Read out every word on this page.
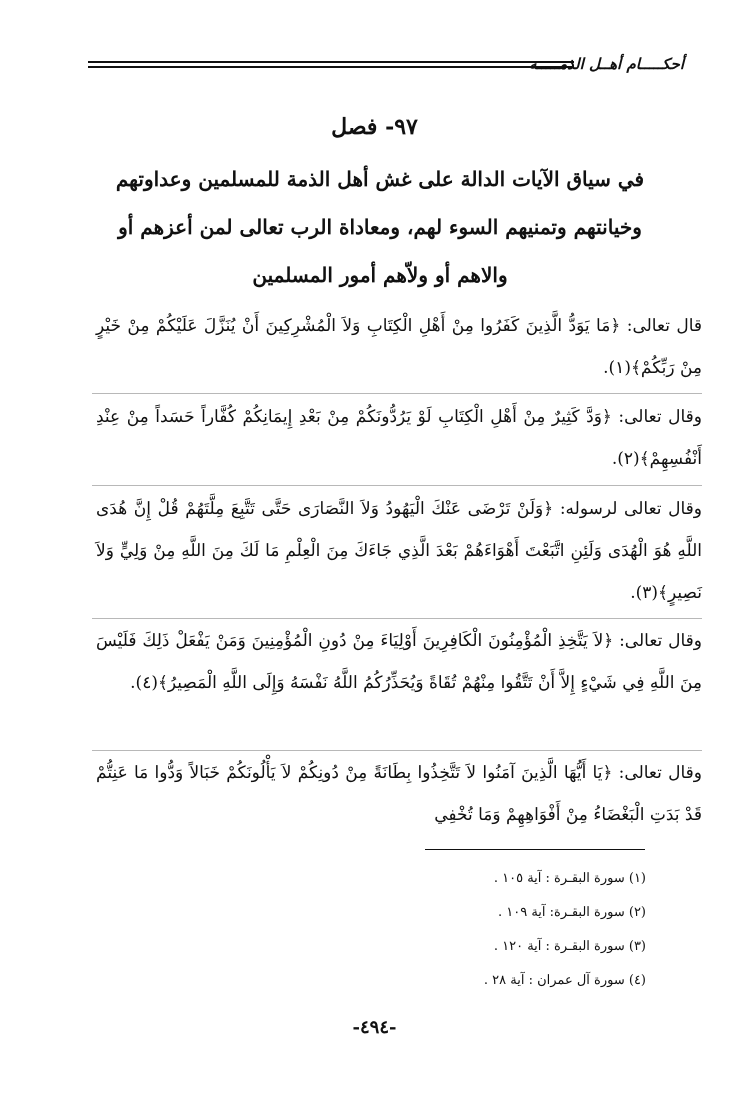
أحكـــــام أهــل الذمـــــة
٩٧- فصل
في سياق الآيات الدالة على غش أهل الذمة للمسلمين وعداوتهم وخيانتهم وتمنيهم السوء لهم، ومعاداة الرب تعالى لمن أعزهم أو والاهم أو ولاّهم أمور المسلمين
قال تعالى: ﴿مَا يَوَدُّ الَّذِينَ كَفَرُوا مِنْ أَهْلِ الْكِتَابِ وَلاَ الْمُشْرِكِينَ أَنْ يُنَزَّلَ عَلَيْكُمْ مِنْ خَيْرٍ مِنْ رَبِّكُمْ﴾(١).
وقال تعالى: ﴿وَدَّ كَثِيرٌ مِنْ أَهْلِ الْكِتَابِ لَوْ يَرُدُّونَكُمْ مِنْ بَعْدِ إِيمَانِكُمْ كُفَّاراً حَسَداً مِنْ عِنْدِ أَنْفُسِهِمْ﴾(٢).
وقال تعالى لرسوله: ﴿وَلَنْ تَرْضَى عَنْكَ الْيَهُودُ وَلاَ النَّصَارَى حَتَّى تَتَّبِعَ مِلَّتَهُمْ قُلْ إِنَّ هُدَى اللَّهِ هُوَ الْهُدَى وَلَئِنِ اتَّبَعْتَ أَهْوَاءَهُمْ بَعْدَ الَّذِي جَاءَكَ مِنَ الْعِلْمِ مَا لَكَ مِنَ اللَّهِ مِنْ وَلِيٍّ وَلاَ نَصِيرٍ﴾(٣).
وقال تعالى: ﴿لاَ يَتَّخِذِ الْمُؤْمِنُونَ الْكَافِرِينَ أَوْلِيَاءَ مِنْ دُونِ الْمُؤْمِنِينَ وَمَنْ يَفْعَلْ ذَلِكَ فَلَيْسَ مِنَ اللَّهِ فِي شَيْءٍ إِلاَّ أَنْ تَتَّقُوا مِنْهُمْ تُقَاةً وَيُحَذِّرُكُمُ اللَّهُ نَفْسَهُ وَإِلَى اللَّهِ الْمَصِيرُ﴾(٤).
وقال تعالى: ﴿يَا أَيُّهَا الَّذِينَ آمَنُوا لاَ تَتَّخِذُوا بِطَانَةً مِنْ دُونِكُمْ لاَ يَأْلُونَكُمْ خَبَالاً وَدُّوا مَا عَنِتُّمْ قَدْ بَدَتِ الْبَغْضَاءُ مِنْ أَفْوَاهِهِمْ وَمَا تُخْفِي
(١) سورة البقـرة : آية ١٠٥ .
(٢) سورة البقـرة: آية ١٠٩ .
(٣) سورة البقـرة : آية ١٢٠ .
(٤) سورة آل عمران : آية ٢٨ .
-٤٩٤-
